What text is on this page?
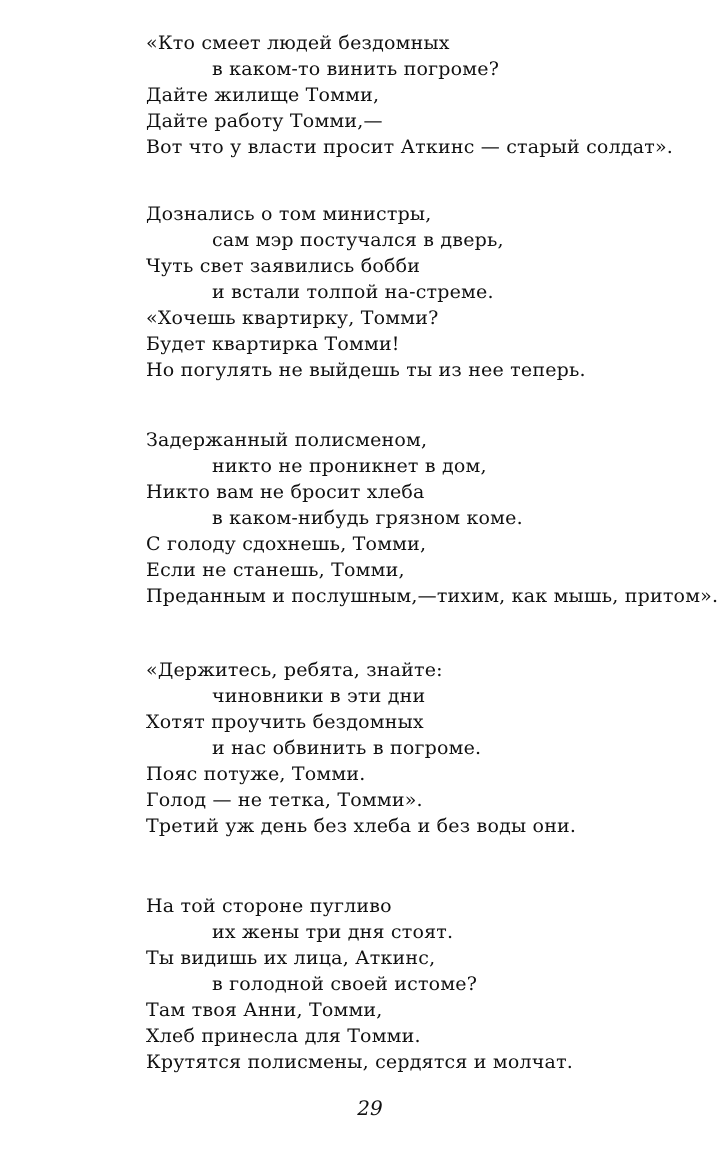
«Кто смеет людей бездомных
в каком-то винить погроме?
Дайте жилище Томми,
Дайте работу Томми,—
Вот что у власти просит Аткинс — старый солдат».
Дознались о том министры,
сам мэр постучался в дверь,
Чуть свет заявились бобби
и встали толпой на-стреме.
«Хочешь квартирку, Томми?
Будет квартирка Томми!
Но погулять не выйдешь ты из нее теперь.
Задержанный полисменом,
никто не проникнет в дом,
Никто вам не бросит хлеба
в каком-нибудь грязном коме.
С голоду сдохнешь, Томми,
Если не станешь, Томми,
Преданным и послушным,—тихим, как мышь, притом».
«Держитесь, ребята, знайте:
чиновники в эти дни
Хотят проучить бездомных
и нас обвинить в погроме.
Пояс потуже, Томми.
Голод — не тетка, Томми».
Третий уж день без хлеба и без воды они.
На той стороне пугливо
их жены три дня стоят.
Ты видишь их лица, Аткинс,
в голодной своей истоме?
Там твоя Анни, Томми,
Хлеб принесла для Томми.
Крутятся полисмены, сердятся и молчат.
29
